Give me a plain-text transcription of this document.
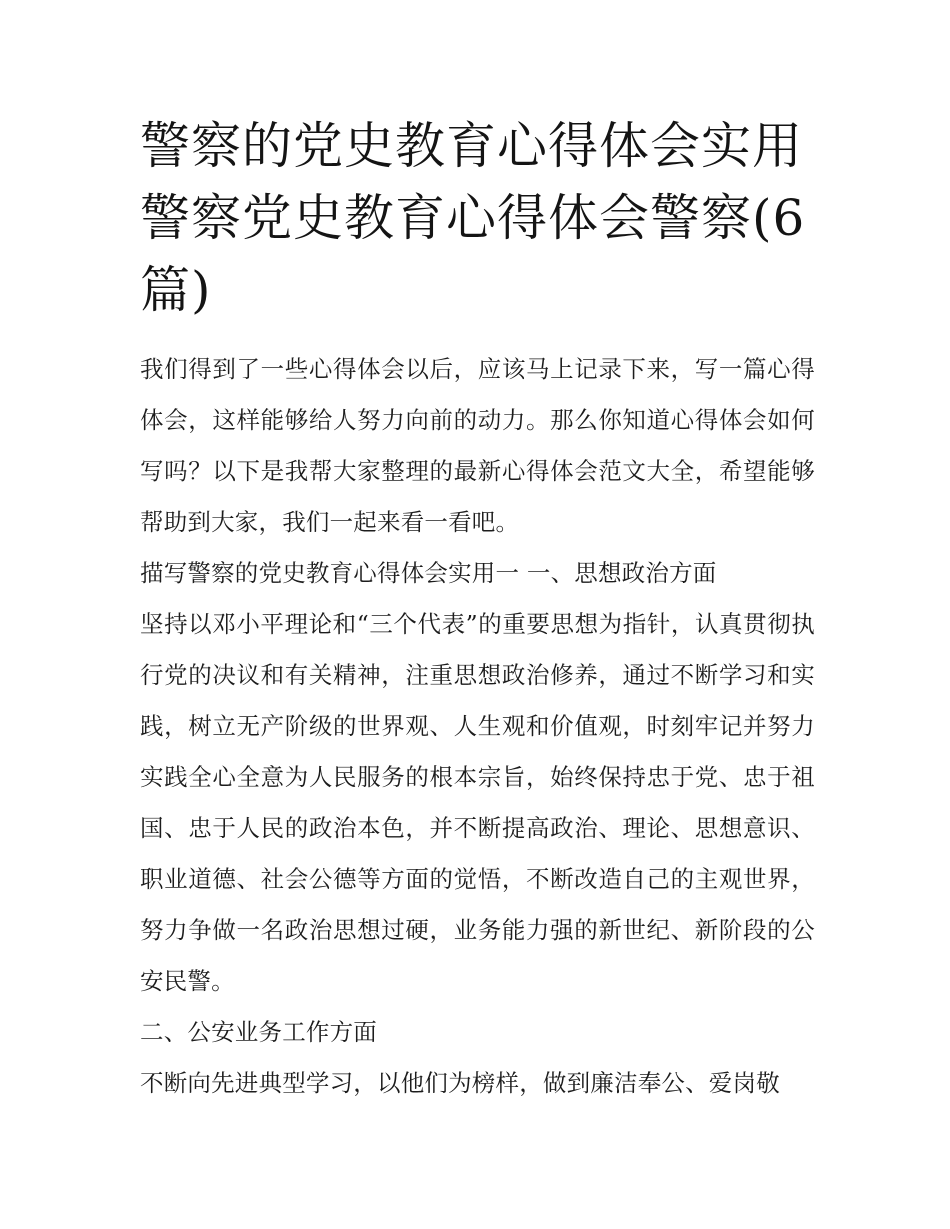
警察的党史教育心得体会实用警察党史教育心得体会警察(6篇)

我们得到了一些心得体会以后，应该马上记录下来，写一篇心得体会，这样能够给人努力向前的动力。那么你知道心得体会如何写吗？以下是我帮大家整理的最新心得体会范文大全，希望能够帮助到大家，我们一起来看一看吧。

描写警察的党史教育心得体会实用一 一、思想政治方面

坚持以邓小平理论和“三个代表”的重要思想为指针，认真贯彻执行党的决议和有关精神，注重思想政治修养，通过不断学习和实践，树立无产阶级的世界观、人生观和价值观，时刻牢记并努力实践全心全意为人民服务的根本宗旨，始终保持忠于党、忠于祖国、忠于人民的政治本色，并不断提高政治、理论、思想意识、职业道德、社会公德等方面的觉悟，不断改造自己的主观世界，努力争做一名政治思想过硬，业务能力强的新世纪、新阶段的公安民警。

二、公安业务工作方面

不断向先进典型学习，以他们为榜样，做到廉洁奉公、爱岗敬
